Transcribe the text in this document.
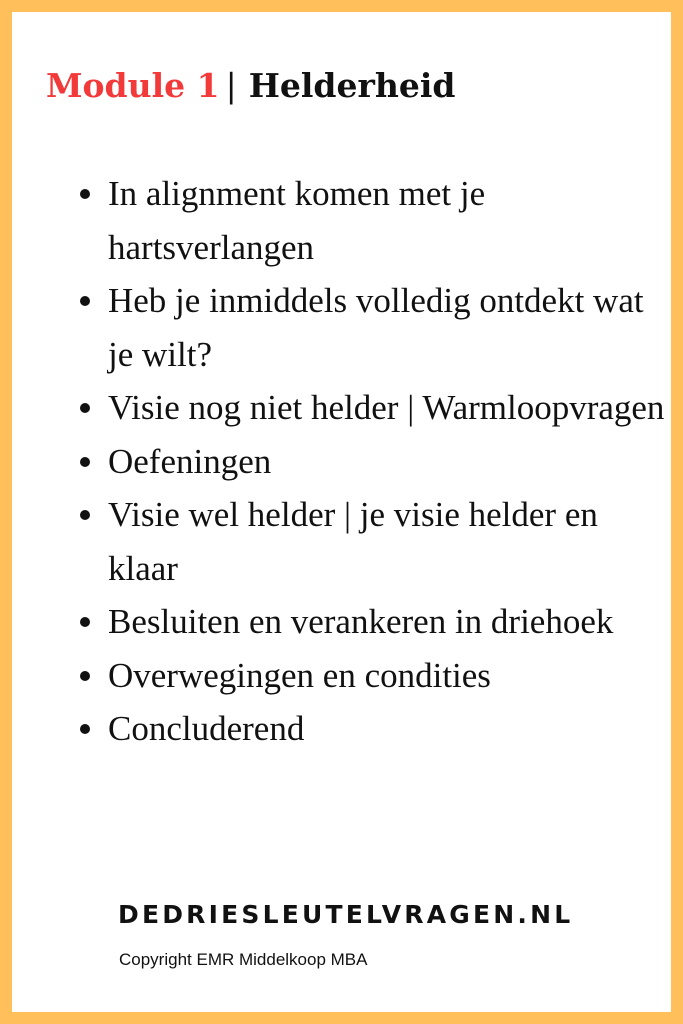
Module 1 | Helderheid
In alignment komen met je hartsverlangen
Heb je inmiddels volledig ontdekt wat je wilt?
Visie nog niet helder | Warmloopvragen
Oefeningen
Visie wel helder | je visie helder en klaar
Besluiten en verankeren in driehoek
Overwegingen en condities
Concluderend

DEDRIESLEUTELVRAGEN.NL

Copyright EMR Middelkoop MBA
